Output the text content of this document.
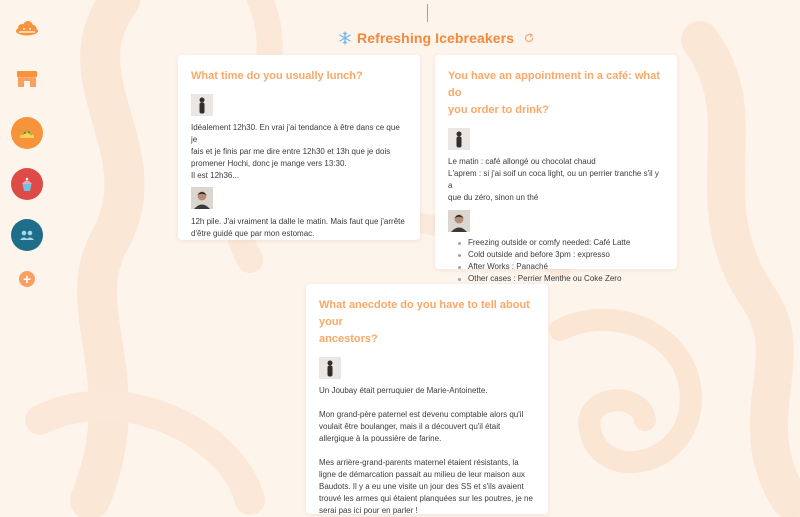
+
Refreshing Icebreakers
What time do you usually lunch?
Idéalement 12h30. En vrai j'ai tendance à être dans ce que je
fais et je finis par me dire entre 12h30 et 13h que je dois
promener Hochi, donc je mange vers 13:30.
Il est 12h36...
12h pile. J'ai vraiment la dalle le matin. Mais faut que j'arrête
d'être guidé que par mon estomac.
You have an appointment in a café: what do
you order to drink?
Le matin : café allongé ou chocolat chaud
L'aprem : si j'ai soif un coca light, ou un perrier tranche s'il y a
que du zéro, sinon un thé
Freezing outside or comfy needed: Café Latte
Cold outside and before 3pm : expresso
After Works : Panaché
Other cases : Perrier Menthe ou Coke Zero
What anecdote do you have to tell about your
ancestors?
Un Joubay était perruquier de Marie-Antoinette.
Mon grand-père paternel est devenu comptable alors qu'il
voulait être boulanger, mais il a découvert qu'il était
allergique à la poussière de farine.
Mes arrière-grand-parents maternel étaient résistants, la
ligne de démarcation passait au milieu de leur maison aux
Baudots. Il y a eu une visite un jour des SS et s'ils avaient
trouvé les armes qui étaient planquées sur les poutres, je ne
serai pas ici pour en parler !
